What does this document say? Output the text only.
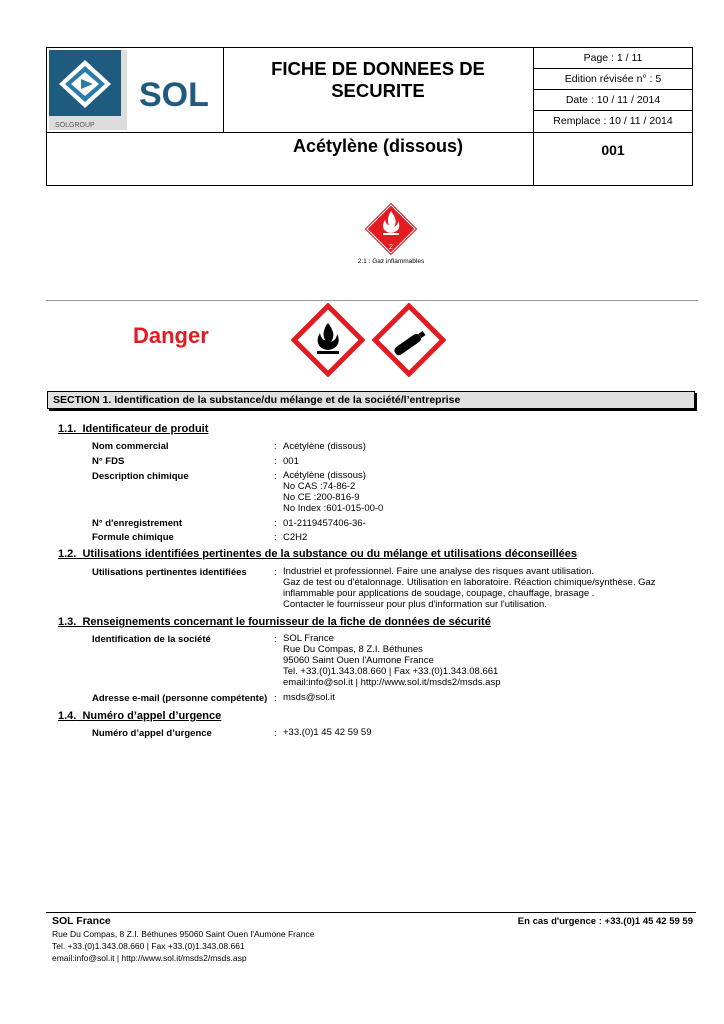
SOL
SOLGROUP
FICHE DE DONNEES DE SECURITE
Page : 1 / 11
Edition révisée n° : 5
Date : 10 / 11 / 2014
Remplace : 10 / 11 / 2014
Acétylène (dissous)	001
2
2.1 : Gaz inflammables
Danger
SECTION 1. Identification de la substance/du mélange et de la société/l’entreprise
1.1. Identificateur de produit
Nom commercial	: Acétylène (dissous)
N° FDS	: 001
Description chimique	: Acétylène (dissous)
No CAS :74-86-2
No CE :200-816-9
No Index :601-015-00-0
N° d'enregistrement	: 01-2119457406-36-
Formule chimique	: C2H2
1.2. Utilisations identifiées pertinentes de la substance ou du mélange et utilisations déconseillées
Utilisations pertinentes identifiées	: Industriel et professionnel. Faire une analyse des risques avant utilisation.
Gaz de test ou d'étalonnage. Utilisation en laboratoire. Réaction chimique/synthèse. Gaz
inflammable pour applications de soudage, coupage, chauffage, brasage .
Contacter le fournisseur pour plus d'information sur l'utilisation.
1.3. Renseignements concernant le fournisseur de la fiche de données de sécurité
Identification de la société	: SOL France
Rue Du Compas, 8 Z.I. Béthunes
95060 Saint Ouen l'Aumone France
Tel. +33.(0)1.343.08.660 | Fax +33.(0)1.343.08.661
email:info@sol.it | http://www.sol.it/msds2/msds.asp
Adresse e-mail (personne compétente) : msds@sol.it
1.4. Numéro d’appel d’urgence
Numéro d’appel d’urgence	: +33.(0)1 45 42 59 59
SOL France	En cas d'urgence : +33.(0)1 45 42 59 59
Rue Du Compas, 8 Z.I. Béthunes 95060 Saint Ouen l'Aumone France
Tel. +33.(0)1.343.08.660 | Fax +33.(0)1.343.08.661
email:info@sol.it | http://www.sol.it/msds2/msds.asp
